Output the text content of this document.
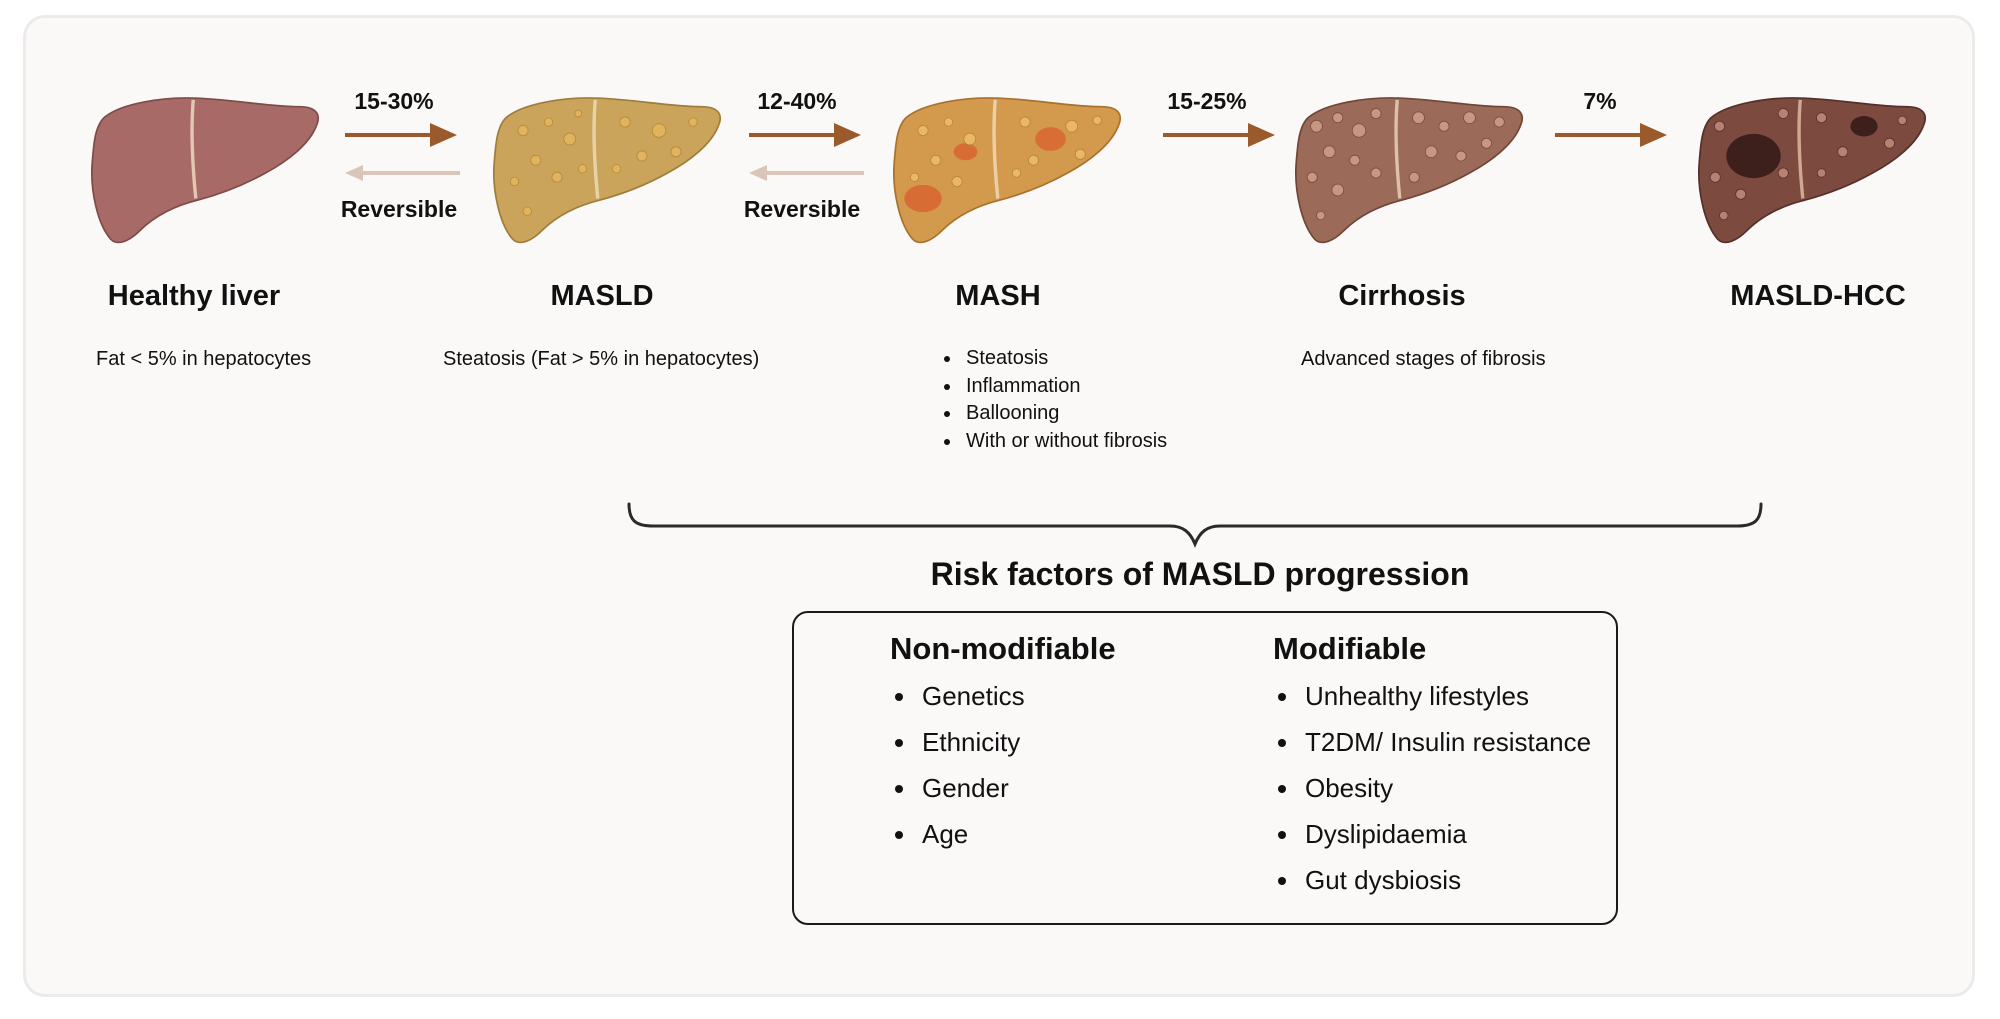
15-30%
Reversible
12-40%
Reversible
15-25%	7%
Healthy liver	MASLD	MASH	Cirrhosis	MASLD-HCC
Fat < 5% in hepatocytes	Steatosis (Fat > 5% in hepatocytes)
•	Steatosis
• Inflammation
• Ballooning
• With or without fibrosis
Advanced stages of fibrosis
Risk factors of MASLD progression
Non-modifiable
• Genetics
• Ethnicity
• Gender
• Age
Modifiable
• Unhealthy lifestyles
• T2DM/ Insulin resistance
• Obesity
• Dyslipidaemia
• Gut dysbiosis
